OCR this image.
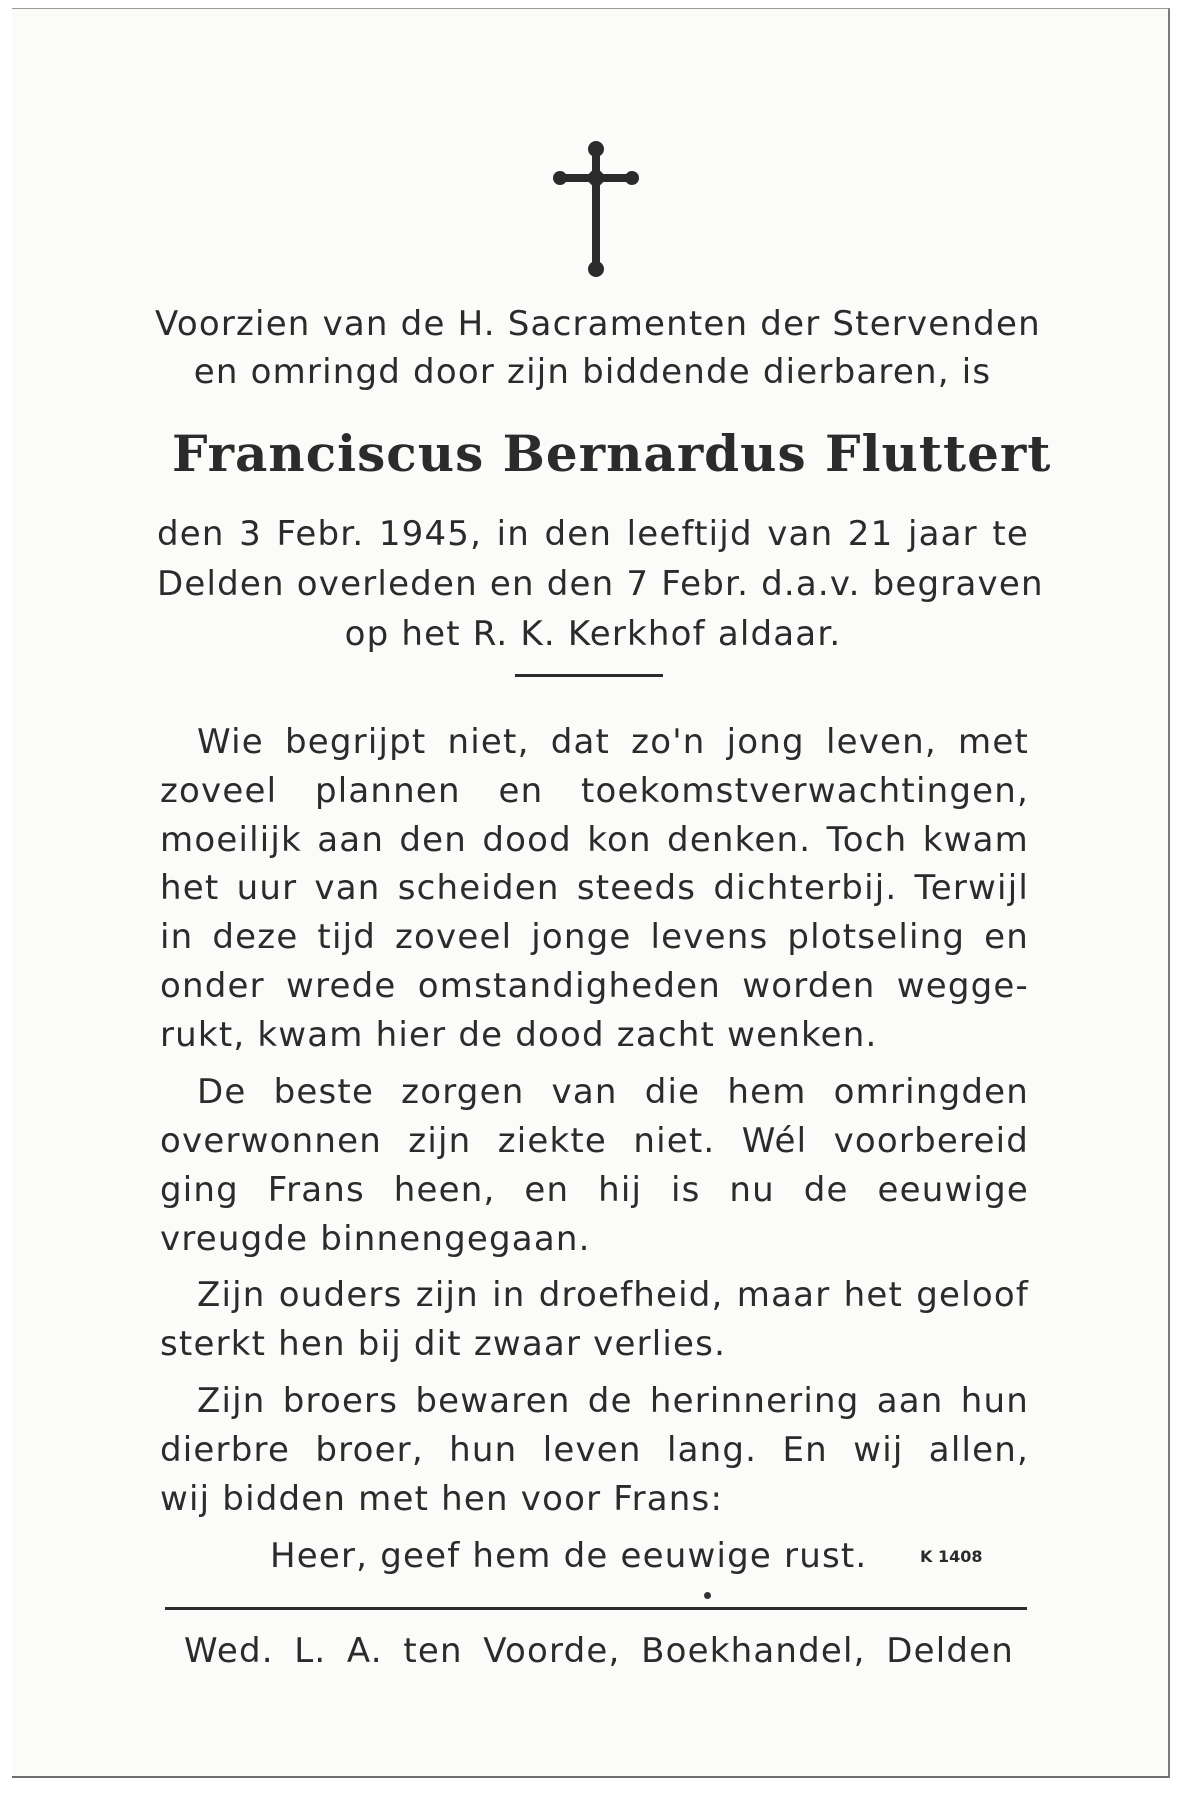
Voorzien van de H. Sacramenten der Stervenden
en omringd door zijn biddende dierbaren, is
Franciscus Bernardus Fluttert
den 3 Febr. 1945, in den leeftijd van 21 jaar te
Delden overleden en den 7 Febr. d.a.v. begraven
op het R. K. Kerkhof aldaar.
Wie begrijpt niet, dat zo'n jong leven, met
zoveel plannen en toekomstverwachtingen,
moeilijk aan den dood kon denken. Toch kwam
het uur van scheiden steeds dichterbij. Terwijl
in deze tijd zoveel jonge levens plotseling en
onder wrede omstandigheden worden wegge-
rukt, kwam hier de dood zacht wenken.
De beste zorgen van die hem omringden
overwonnen zijn ziekte niet. Wél voorbereid
ging Frans heen, en hij is nu de eeuwige
vreugde binnengegaan.
Zijn ouders zijn in droefheid, maar het geloof
sterkt hen bij dit zwaar verlies.
Zijn broers bewaren de herinnering aan hun
dierbre broer, hun leven lang. En wij allen,
wij bidden met hen voor Frans:
Heer, geef hem de eeuwige rust.	K 1408
Wed. L. A. ten Voorde, Boekhandel, Delden
